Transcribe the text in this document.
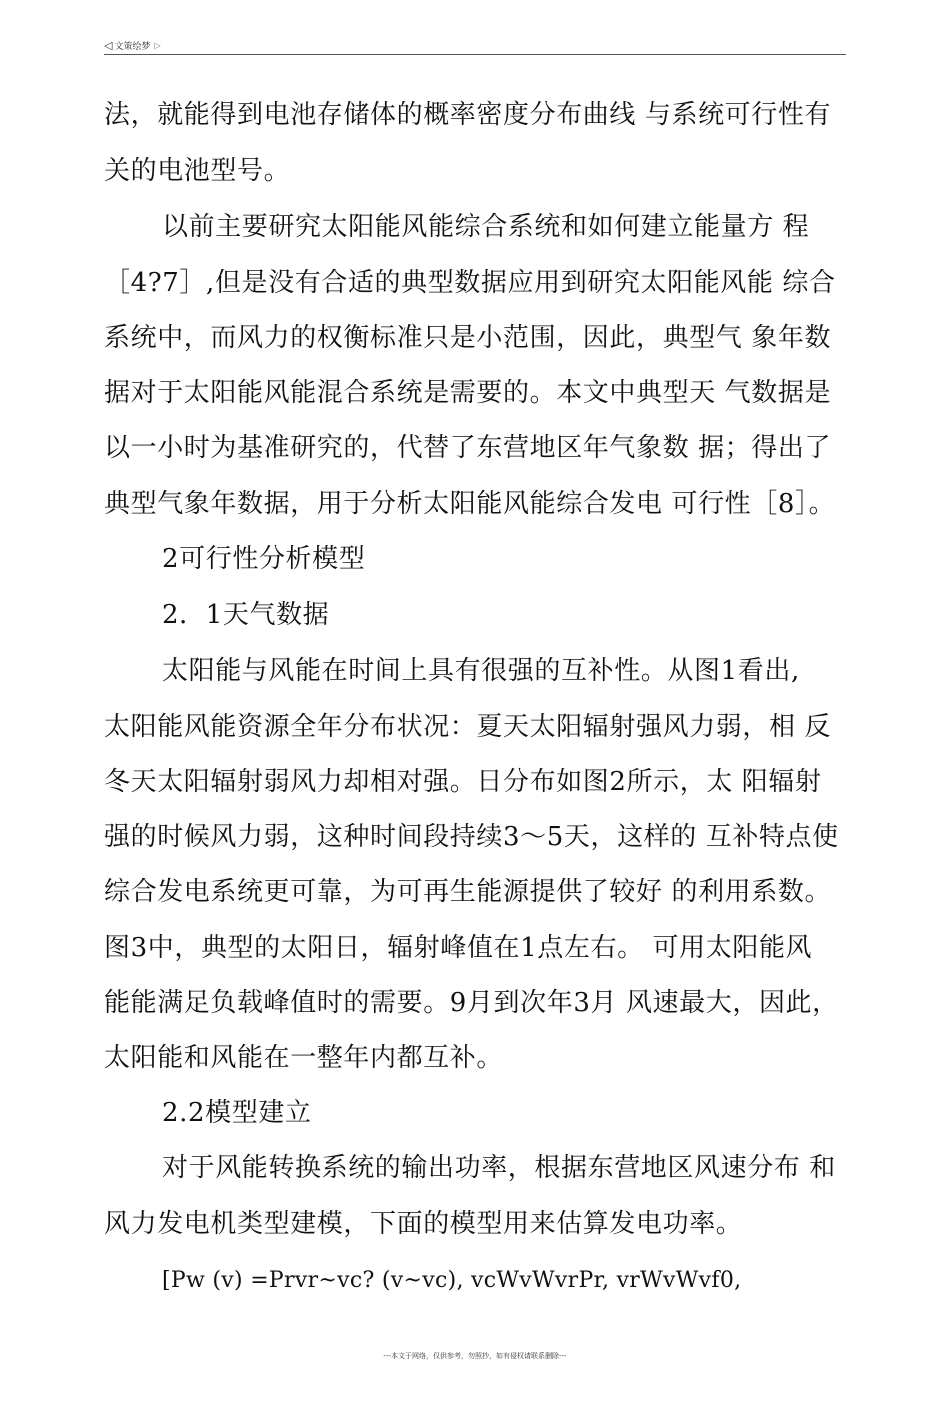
◁ 文策绘梦 ▷
法，就能得到电池存储体的概率密度分布曲线 与系统可行性有
关的电池型号。
以前主要研究太阳能风能综合系统和如何建立能量方 程
［4?7］,但是没有合适的典型数据应用到研究太阳能风能 综合
系统中，而风力的权衡标准只是小范围，因此，典型气 象年数
据对于太阳能风能混合系统是需要的。本文中典型天 气数据是
以一小时为基准研究的，代替了东营地区年气象数 据；得出了
典型气象年数据，用于分析太阳能风能综合发电 可行性［8］。
2可行性分析模型
2．1天气数据
太阳能与风能在时间上具有很强的互补性。从图1看出,
太阳能风能资源全年分布状况：夏天太阳辐射强风力弱，相 反
冬天太阳辐射弱风力却相对强。日分布如图2所示，太 阳辐射
强的时候风力弱，这种时间段持续3〜5天，这样的 互补特点使
综合发电系统更可靠，为可再生能源提供了较好 的利用系数。
图3中，典型的太阳日，辐射峰值在1点左右。 可用太阳能风
能能满足负载峰值时的需要。9月到次年3月 风速最大，因此，
太阳能和风能在一整年内都互补。
2.2模型建立
对于风能转换系统的输出功率，根据东营地区风速分布 和
风力发电机类型建模，下面的模型用来估算发电功率。
[Pw (v) =Prvr~vc? (v~vc), vcWvWvrPr, vrWvWvf0,
---本文于网络，仅供参考，勿照抄，如有侵权请联系删除---
